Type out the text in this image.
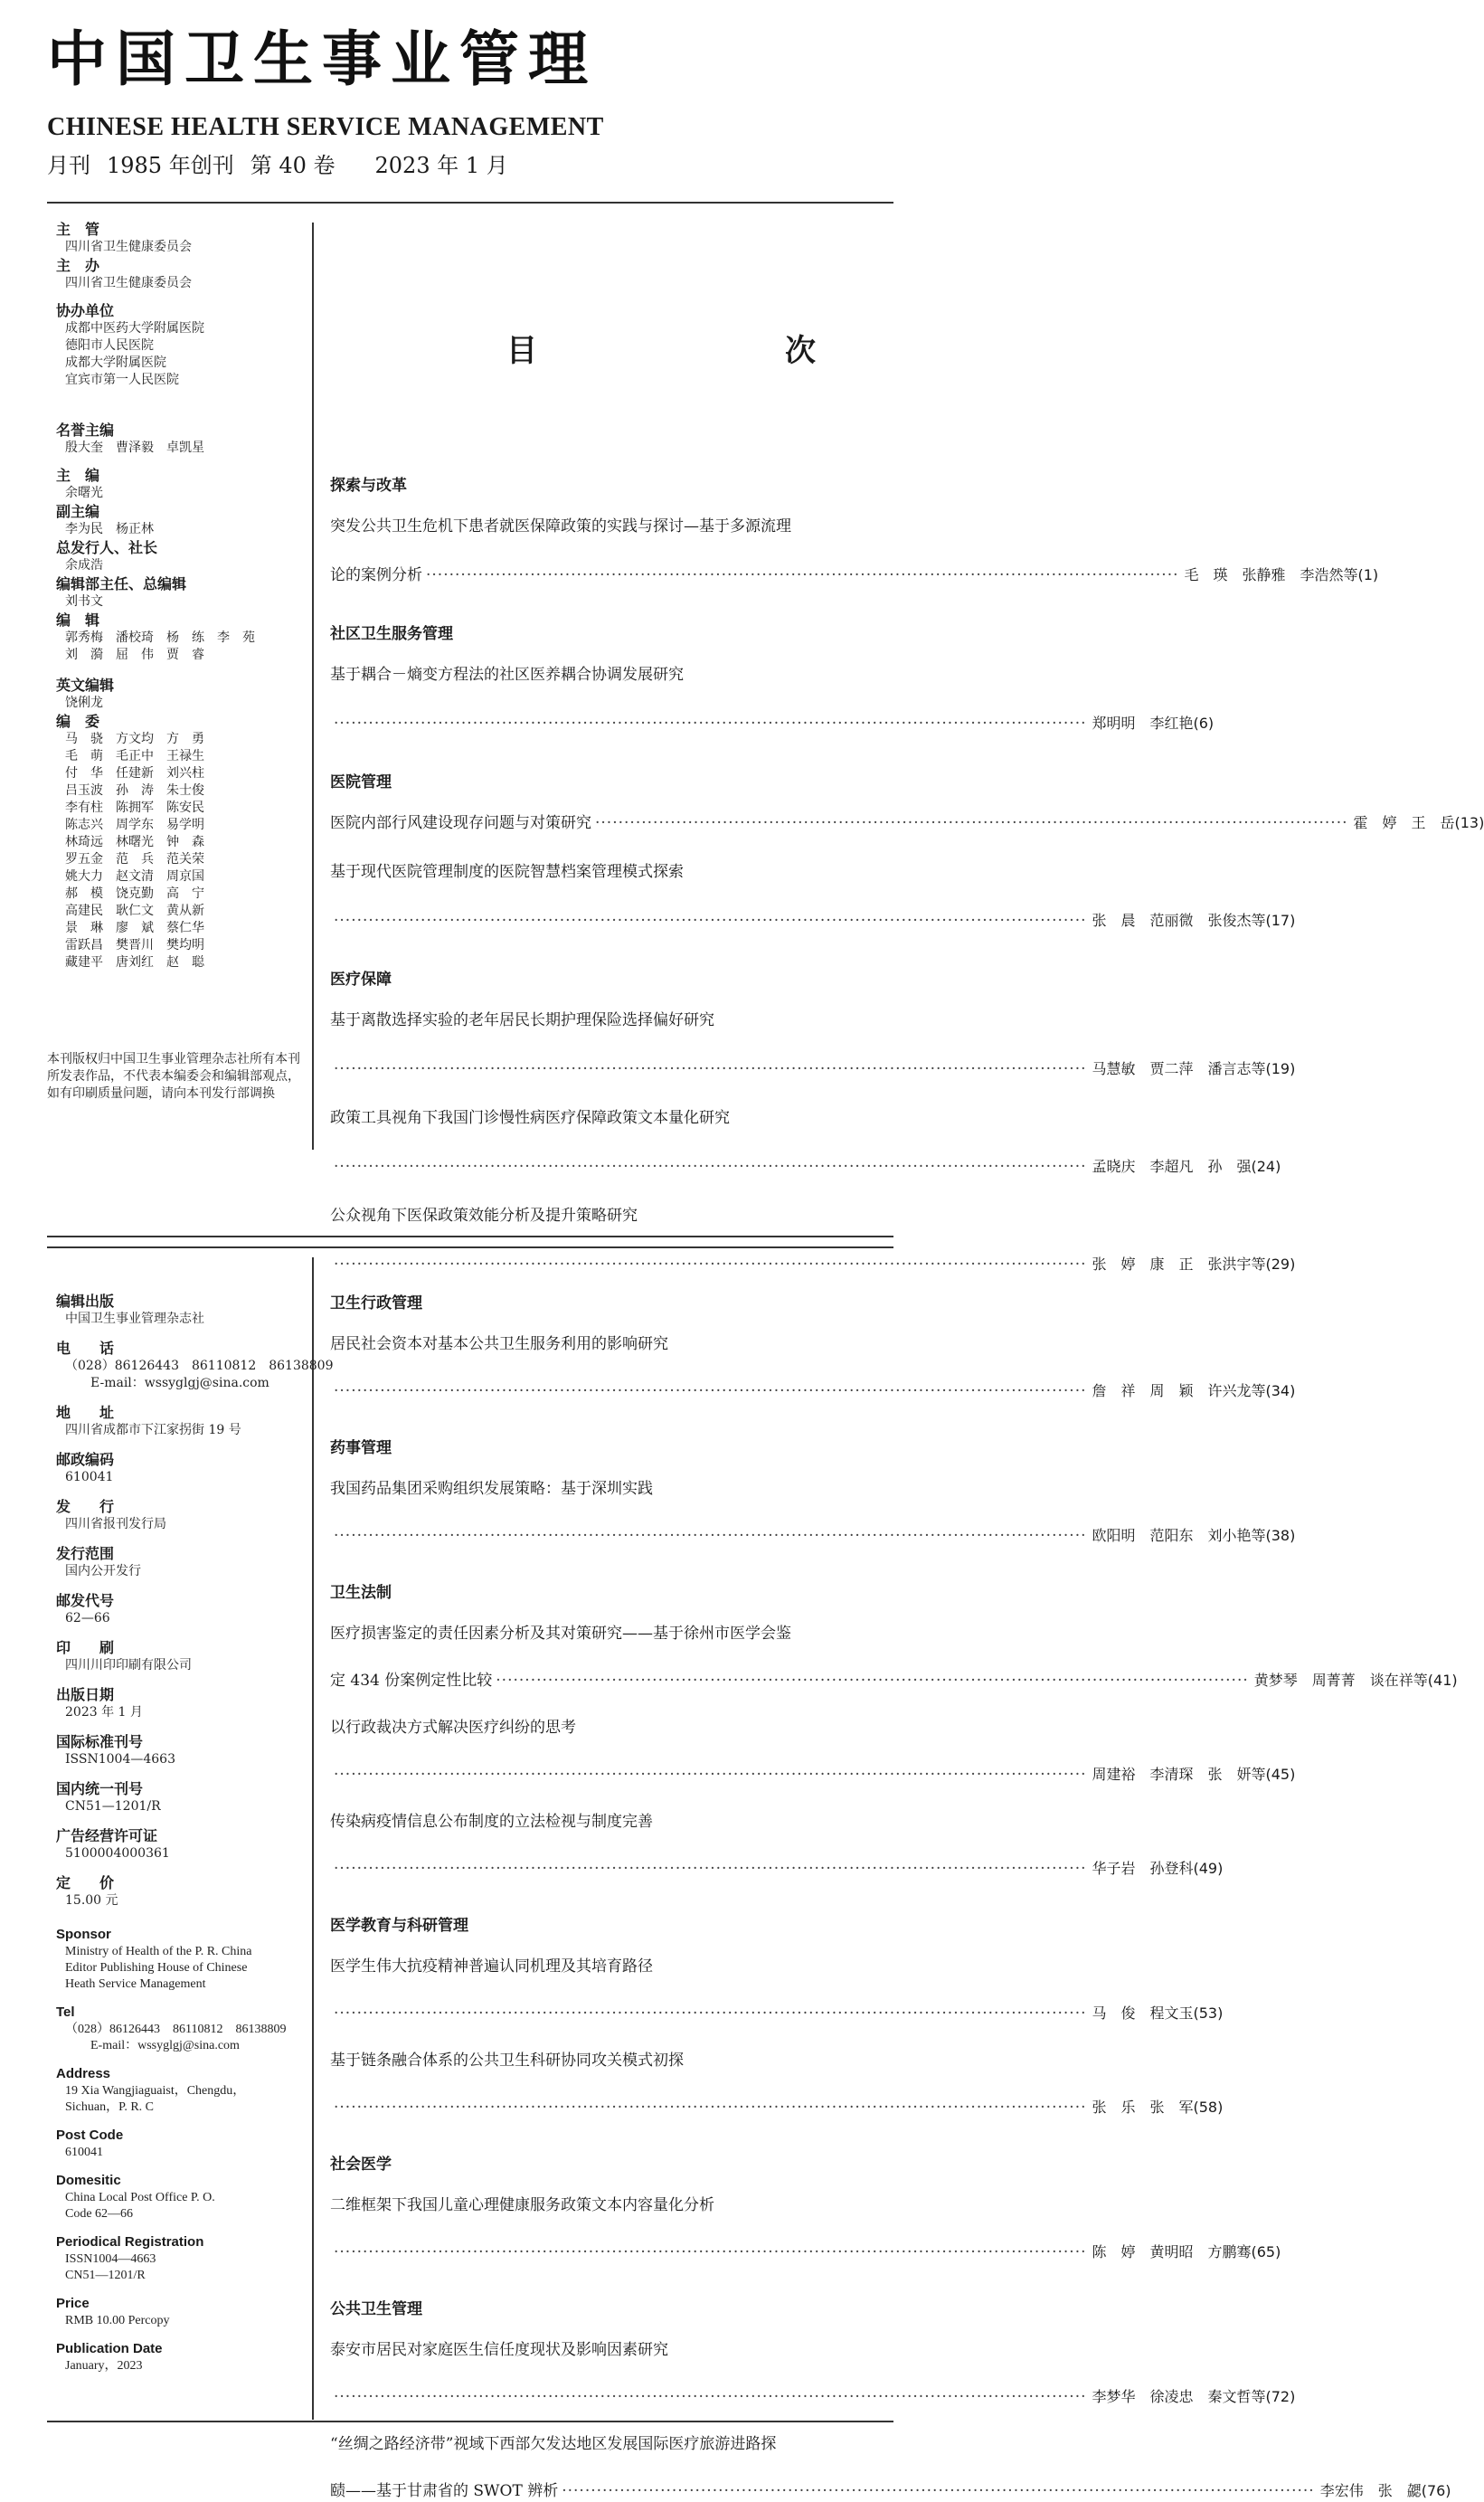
中国卫生事业管理
CHINESE HEALTH SERVICE MANAGEMENT
月刊 1985 年创刊 第 40 卷 2023 年 1 月
主　管
四川省卫生健康委员会
主　办
四川省卫生健康委员会
协办单位
成都中医药大学附属医院
德阳市人民医院
成都大学附属医院
宜宾市第一人民医院
名誉主编
殷大奎　曹泽毅　卓凯星
主　编
余曙光
副主编
李为民　杨正林
总发行人、社长
余成浩
编辑部主任、总编辑
刘书文
编　辑
郭秀梅　潘校琦　杨　练　李　苑
刘　漪　屈　伟　贾　睿
英文编辑
饶俐龙
编　委
马　骁　方文均　方　勇
毛　萌　毛正中　王禄生
付　华　任建新　刘兴柱
吕玉波　孙　涛　朱士俊
李有柱　陈拥军　陈安民
陈志兴　周学东　易学明
林琦远　林曙光　钟　森
罗五金　范　兵　范关荣
姚大力　赵文清　周京国
郝　模　饶克勤　高　宁
高建民　耿仁文　黄从新
景　琳　廖　斌　蔡仁华
雷跃昌　樊晋川　樊均明
藏建平　唐刘红　赵　聪
本刊版权归中国卫生事业管理杂志社所有本刊所发表作品，不代表本编委会和编辑部观点，如有印刷质量问题，请向本刊发行部调换
目　次
探索与改革
突发公共卫生危机下患者就医保障政策的实践与探讨—基于多源流理
论的案例分析 ·····	毛　瑛　张静雅　李浩然等(1)
社区卫生服务管理
基于耦合－熵变方程法的社区医养耦合协调发展研究
·····
郑明明　李红艳(6)
医院管理
医院内部行风建设现存问题与对策研究 ·····	霍　婷　王　岳(13)
基于现代医院管理制度的医院智慧档案管理模式探索
·····
张　晨　范丽微　张俊杰等(17)
医疗保障
基于离散选择实验的老年居民长期护理保险选择偏好研究
·····
马慧敏　贾二萍　潘言志等(19)
政策工具视角下我国门诊慢性病医疗保障政策文本量化研究
·····
孟晓庆　李超凡　孙　强(24)
公众视角下医保政策效能分析及提升策略研究
·····
张　婷　康　正　张洪宇等(29)
编辑出版
中国卫生事业管理杂志社
电　　话
（028）86126443　86110812　86138809
　　E-mail：wssyglgj@sina.com
地　　址
四川省成都市下江家拐街 19 号
邮政编码
610041
发　　行
四川省报刊发行局
发行范围
国内公开发行
邮发代号
62—66
印　　刷
四川川印印刷有限公司
出版日期
2023 年 1 月
国际标准刊号
ISSN1004—4663
国内统一刊号
CN51—1201/R
广告经营许可证
5100004000361
定　　价
15.00 元
Sponsor
Ministry of Health of the P. R. China
Editor Publishing House of Chinese
Heath Service Management
Tel
（028）86126443　86110812　86138809
　　E-mail：wssyglgj@sina.com
Address
19 Xia Wangjiaguaist，Chengdu，
Sichuan，P. R. C
Post Code
610041
Domesitic
China Local Post Office P. O.
Code 62—66
Periodical Registration
ISSN1004—4663
CN51—1201/R
Price
RMB 10.00 Percopy
Publication Date
January，2023
卫生行政管理
居民社会资本对基本公共卫生服务利用的影响研究
·····
詹　祥　周　颖　许兴龙等(34)
药事管理
我国药品集团采购组织发展策略：基于深圳实践
·····
欧阳明　范阳东　刘小艳等(38)
卫生法制
医疗损害鉴定的责任因素分析及其对策研究——基于徐州市医学会鉴
定 434 份案例定性比较 ·····	黄梦琴　周菁菁　谈在祥等(41)
以行政裁决方式解决医疗纠纷的思考
·····
周建裕　李清琛　张　妍等(45)
传染病疫情信息公布制度的立法检视与制度完善
·····
华子岩　孙登科(49)
医学教育与科研管理
医学生伟大抗疫精神普遍认同机理及其培育路径
·····
马　俊　程文玉(53)
基于链条融合体系的公共卫生科研协同攻关模式初探
·····
张　乐　张　军(58)
社会医学
二维框架下我国儿童心理健康服务政策文本内容量化分析
·····
陈　婷　黄明昭　方鹏骞(65)
公共卫生管理
泰安市居民对家庭医生信任度现状及影响因素研究
·····
李梦华　徐凌忠　秦文哲等(72)
“丝绸之路经济带”视域下西部欠发达地区发展国际医疗旅游进路探
赜——基于甘肃省的 SWOT 辨析 ·····	李宏伟　张　勰(76)
